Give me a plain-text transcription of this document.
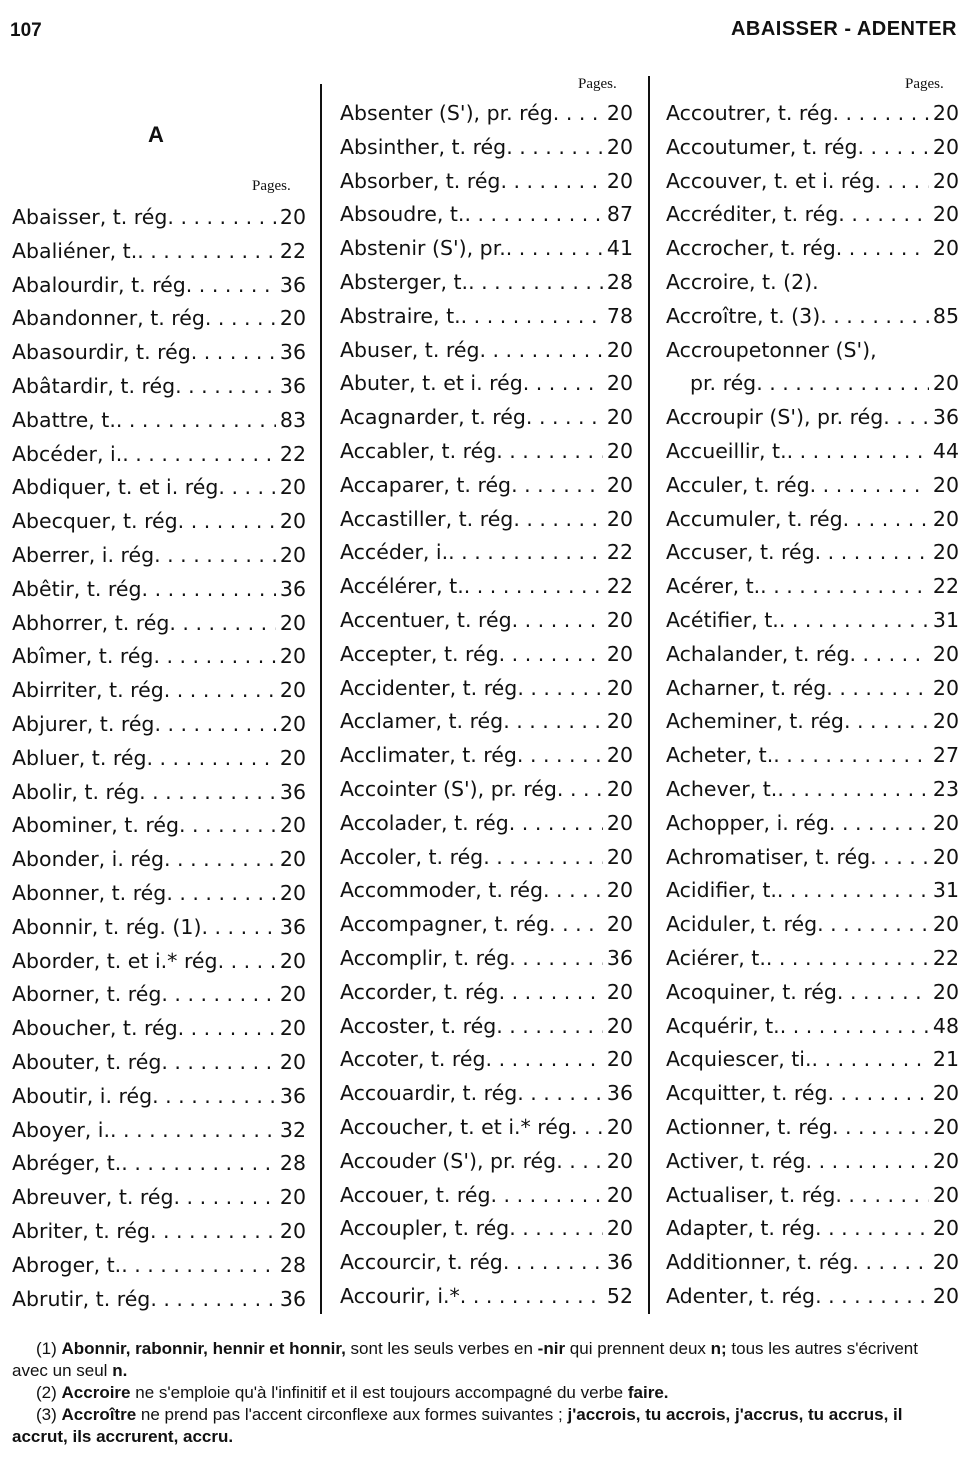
107	ABAISSER - ADENTER
A
Pages.
Pages.	Pages.
Abaisser, t. rég . . .	20
Abaliéner, t. . . .	22
Abalourdir, t. rég . . .	36
Abandonner, t. rég . . .	20
Abasourdir, t. rég . . .	36
Abâtardir, t. rég . . .	36
Abattre, t. . . .	83
Abcéder, i. . . .	22
Abdiquer, t. et i. rég . . .	20
Abecquer, t. rég . . .	20
Aberrer, i. rég . . .	20
Abêtir, t. rég . . .	36
Abhorrer, t. rég . . .	20
Abîmer, t. rég . . .	20
Abirriter, t. rég . . .	20
Abjurer, t. rég . . .	20
Abluer, t. rég . . .	20
Abolir, t. rég . . .	36
Abominer, t. rég . . .	20
Abonder, i. rég . . .	20
Abonner, t. rég . . .	20
Abonnir, t. rég. (1) . . .	36
Aborder, t. et i.* rég . . .	20
Aborner, t. rég . . .	20
Aboucher, t. rég . . .	20
Abouter, t. rég . . .	20
Aboutir, i. rég . . .	36
Aboyer, i. . . .	32
Abréger, t. . . .	28
Abreuver, t. rég . . .	20
Abriter, t. rég . . .	20
Abroger, t. . . .	28
Abrutir, t. rég . . .	36
Absenter (S'), pr. rég . . .	20
Absinther, t. rég . . .	20
Absorber, t. rég . . .	20
Absoudre, t. . . .	87
Abstenir (S'), pr. . . .	41
Absterger, t. . . .	28
Abstraire, t. . . .	78
Abuser, t. rég . . .	20
Abuter, t. et i. rég . . .	20
Acagnarder, t. rég . . .	20
Accabler, t. rég . . .	20
Accaparer, t. rég . . .	20
Accastiller, t. rég . . .	20
Accéder, i. . . .	22
Accélérer, t. . . .	22
Accentuer, t. rég . . .	20
Accepter, t. rég . . .	20
Accidenter, t. rég . . .	20
Acclamer, t. rég . . .	20
Acclimater, t. rég . . .	20
Accointer (S'), pr. rég . . . 20
Accolader, t. rég . . .	20
Accoler, t. rég . . .	20
Accommoder, t. rég . . .	20
Accompagner, t. rég . . .	20
Accomplir, t. rég . . .	36
Accorder, t. rég . . .	20
Accoster, t. rég . . .	20
Accoter, t. rég . . .	20
Accouardir, t. rég . . .	36
Accoucher, t. et i.* rég . . . 20
Accouder (S'), pr. rég . . . 20
Accouer, t. rég . . .	20
Accoupler, t. rég . . .	20
Accourcir, t. rég . . .	36
Accourir, i.* . . .	52
Accoutrer, t. rég . . .	20
Accoutumer, t. rég . . .	20
Accouver, t. et i. rég . . .	20
Accréditer, t. rég . . .	20
Accrocher, t. rég . . .	20
Accroire, t. (2).
Accroître, t. (3) . . .	85
Accroupetonner (S'),
pr. rég . . .	20
Accroupir (S'), pr. rég . . . 36
Accueillir, t. . . .	44
Acculer, t. rég . . .	20
Accumuler, t. rég . . .	20
Accuser, t. rég . . .	20
Acérer, t. . . .	22
Acétifier, t. . . .	31
Achalander, t. rég . . .	20
Acharner, t. rég . . .	20
Acheminer, t. rég . . .	20
Acheter, t. . . .	27
Achever, t. . . .	23
Achopper, i. rég . . .	20
Achromatiser, t. rég . . .	20
Acidifier, t. . . .	31
Aciduler, t. rég . . .	20
Aciérer, t. . . .	22
Acoquiner, t. rég . . .	20
Acquérir, t. . . .	48
Acquiescer, ti. . . .	21
Acquitter, t. rég . . .	20
Actionner, t. rég . . .	20
Activer, t. rég . . .	20
Actualiser, t. rég . . .	20
Adapter, t. rég . . .	20
Additionner, t. rég . . .	20
Adenter, t. rég . . .	20

(1) Abonnir, rabonnir, hennir et honnir, sont les seuls verbes en -nir qui prennent deux n; tous les autres s'écrivent avec un seul n.

(2) Accroire ne s'emploie qu'à l'infinitif et il est toujours accompagné du verbe faire.

(3) Accroître ne prend pas l'accent circonflexe aux formes suivantes ; j'accrois, tu accrois, j'accrus, tu accrus, il accrut, ils accrurent, accru.
